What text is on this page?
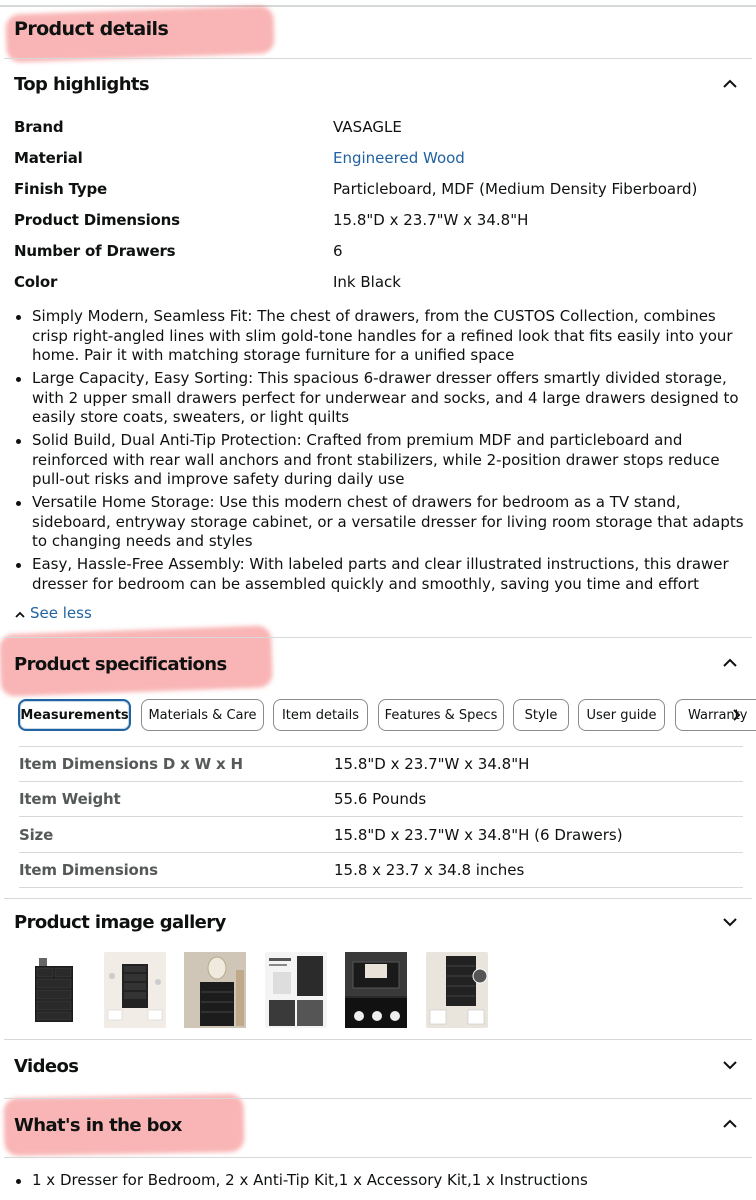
Product details
Top highlights
Brand	VASAGLE
Material	Engineered Wood
Finish Type	Particleboard, MDF (Medium Density Fiberboard)
Product Dimensions	15.8"D x 23.7"W x 34.8"H
Number of Drawers	6
Color	Ink Black
Simply Modern, Seamless Fit: The chest of drawers, from the CUSTOS Collection, combines crisp right-angled lines with slim gold-tone handles for a refined look that fits easily into your home. Pair it with matching storage furniture for a unified space
Large Capacity, Easy Sorting: This spacious 6-drawer dresser offers smartly divided storage, with 2 upper small drawers perfect for underwear and socks, and 4 large drawers designed to easily store coats, sweaters, or light quilts
Solid Build, Dual Anti-Tip Protection: Crafted from premium MDF and particleboard and reinforced with rear wall anchors and front stabilizers, while 2-position drawer stops reduce pull-out risks and improve safety during daily use
Versatile Home Storage: Use this modern chest of drawers for bedroom as a TV stand, sideboard, entryway storage cabinet, or a versatile dresser for living room storage that adapts to changing needs and styles
Easy, Hassle-Free Assembly: With labeled parts and clear illustrated instructions, this drawer dresser for bedroom can be assembled quickly and smoothly, saving you time and effort
See less
Product specifications
Measurements	Materials & Care	Item details	Features & Specs	Style	User guide	Warranty
Item Dimensions D x W x H	15.8"D x 23.7"W x 34.8"H
Item Weight	55.6 Pounds
Size	15.8"D x 23.7"W x 34.8"H (6 Drawers)
Item Dimensions	15.8 x 23.7 x 34.8 inches
Product image gallery
Videos
What's in the box
1 x Dresser for Bedroom, 2 x Anti-Tip Kit,1 x Accessory Kit,1 x Instructions
